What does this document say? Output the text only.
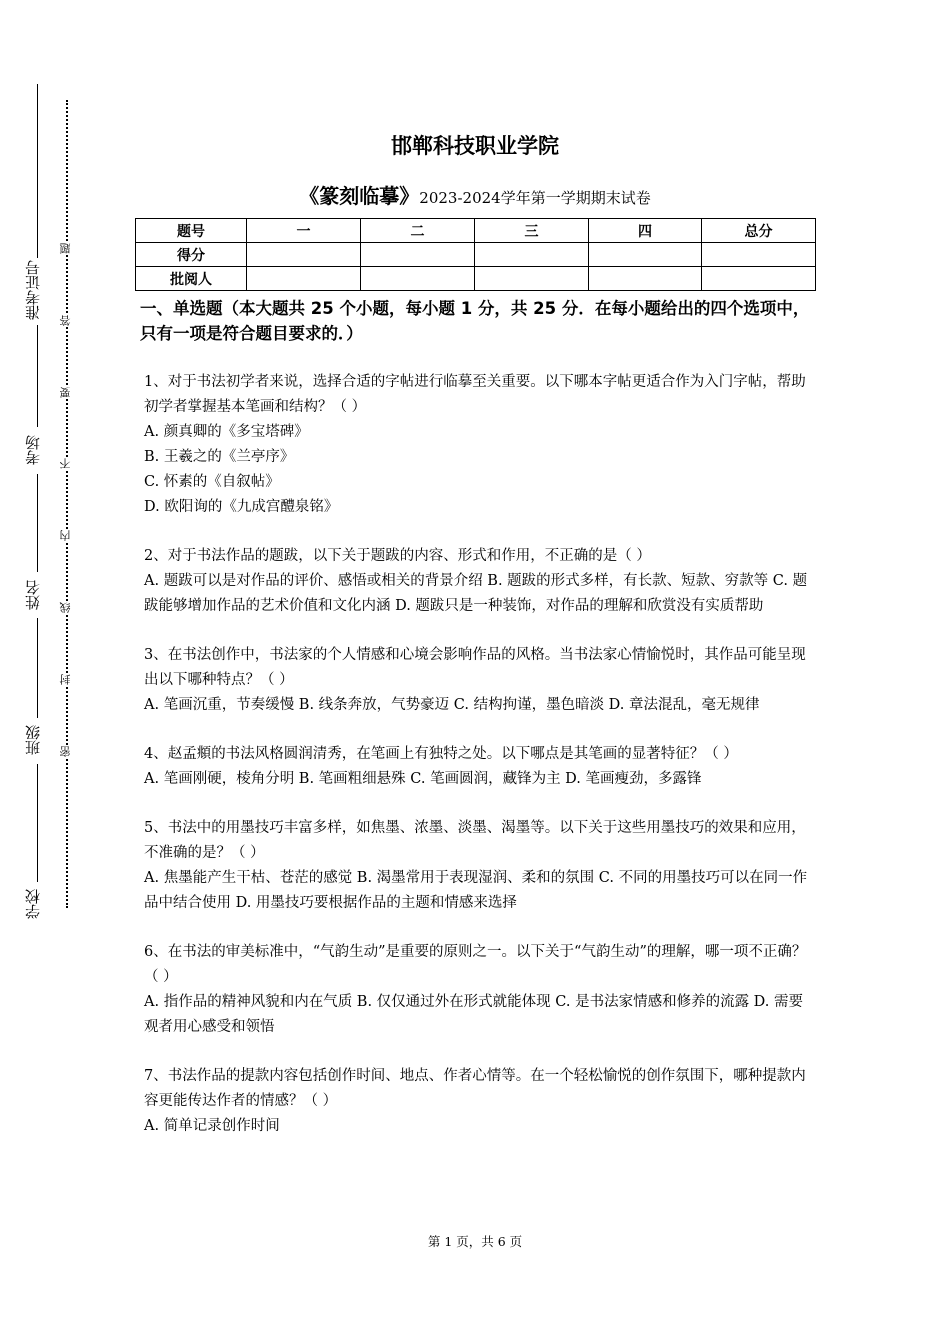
准考证号
考场
姓名
班级
学校
题
答
要
不
内
线
封
密
邯郸科技职业学院
《篆刻临摹》2023-2024学年第一学期期末试卷
题号	一	二	三	四	总分
得分					
批阅人					
一、单选题（本大题共 25 个小题，每小题 1 分，共 25 分．在每小题给出的四个选项中，只有一项是符合题目要求的．）

1、对于书法初学者来说，选择合适的字帖进行临摹至关重要。以下哪本字帖更适合作为入门字帖，帮助初学者掌握基本笔画和结构？（ ）

A. 颜真卿的《多宝塔碑》

B. 王羲之的《兰亭序》

C. 怀素的《自叙帖》

D. 欧阳询的《九成宫醴泉铭》

2、对于书法作品的题跋，以下关于题跋的内容、形式和作用，不正确的是（ ）

A. 题跋可以是对作品的评价、感悟或相关的背景介绍 B. 题跋的形式多样，有长款、短款、穷款等 C. 题跋能够增加作品的艺术价值和文化内涵 D. 题跋只是一种装饰，对作品的理解和欣赏没有实质帮助

3、在书法创作中，书法家的个人情感和心境会影响作品的风格。当书法家心情愉悦时，其作品可能呈现出以下哪种特点？（ ）

A. 笔画沉重，节奏缓慢 B. 线条奔放，气势豪迈 C. 结构拘谨，墨色暗淡 D. 章法混乱，毫无规律

4、赵孟頫的书法风格圆润清秀，在笔画上有独特之处。以下哪点是其笔画的显著特征？（ ）

A. 笔画刚硬，棱角分明 B. 笔画粗细悬殊 C. 笔画圆润，藏锋为主 D. 笔画瘦劲，多露锋

5、书法中的用墨技巧丰富多样，如焦墨、浓墨、淡墨、渴墨等。以下关于这些用墨技巧的效果和应用，不准确的是？（ ）

A. 焦墨能产生干枯、苍茫的感觉 B. 渴墨常用于表现湿润、柔和的氛围 C. 不同的用墨技巧可以在同一作品中结合使用 D. 用墨技巧要根据作品的主题和情感来选择

6、在书法的审美标准中，“气韵生动”是重要的原则之一。以下关于“气韵生动”的理解，哪一项不正确？（ ）

A. 指作品的精神风貌和内在气质 B. 仅仅通过外在形式就能体现 C. 是书法家情感和修养的流露 D. 需要观者用心感受和领悟

7、书法作品的提款内容包括创作时间、地点、作者心情等。在一个轻松愉悦的创作氛围下，哪种提款内容更能传达作者的情感？（ ）

A. 简单记录创作时间

第 1 页，共 6 页
